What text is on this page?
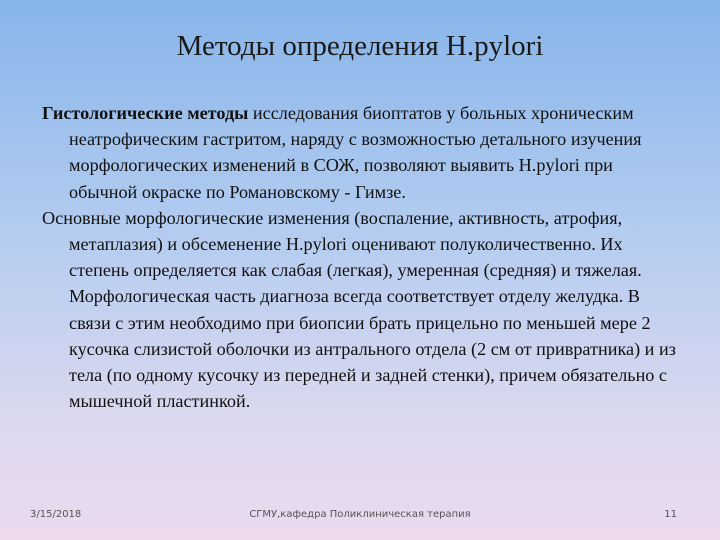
Методы определения H.pylori

Гистологические методы исследования биоптатов у больных хроническим неатрофическим гастритом, наряду с возможностью детального изучения морфологических изменений в СОЖ, позволяют выявить H.pylori при обычной окраске по Романовскому - Гимзе.

Основные морфологические изменения (воспаление, активность, атрофия, метаплазия) и обсеменение H.pylori оценивают полуколичественно. Их степень определяется как слабая (легкая), умеренная (средняя) и тяжелая. Морфологическая часть диагноза всегда соответствует отделу желудка. В связи с этим необходимо при биопсии брать прицельно по меньшей мере 2 кусочка слизистой оболочки из антрального отдела (2 см от привратника) и из тела (по одному кусочку из передней и задней стенки), причем обязательно с мышечной пластинкой.

3/15/2018	СГМУ,кафедра Поликлиническая терапия	11
